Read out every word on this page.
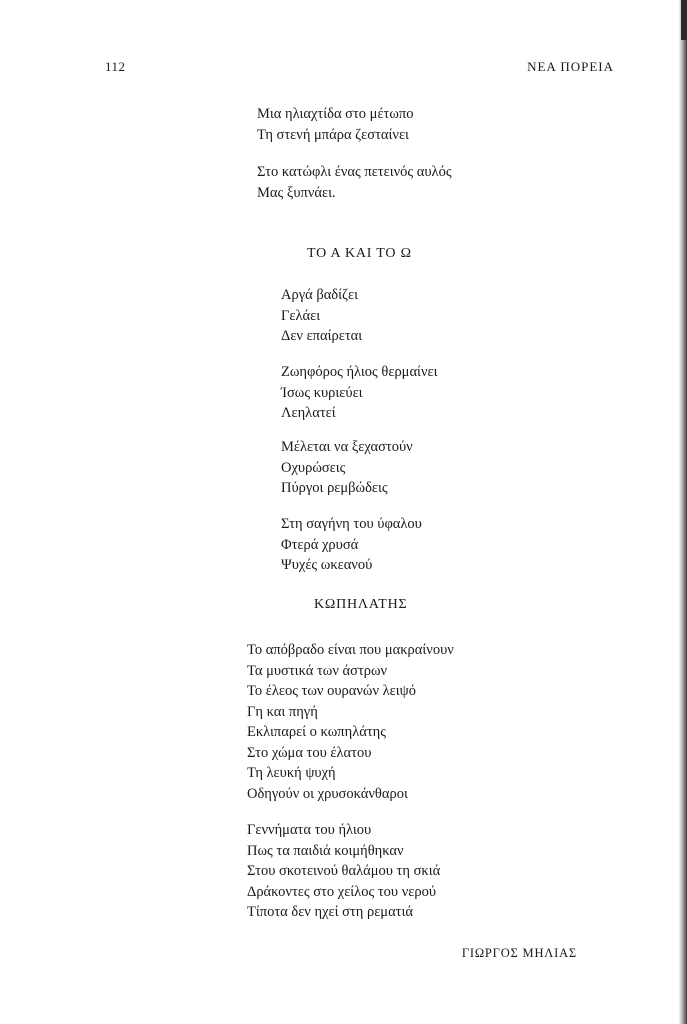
112	ΝΕΑ ΠΟΡΕΙΑ
Μια ηλιαχτίδα στο μέτωπο
Τη στενή μπάρα ζεσταίνει
Στο κατώφλι ένας πετεινός αυλός
Μας ξυπνάει.
ΤΟ Α ΚΑΙ ΤΟ Ω
Αργά βαδίζει
Γελάει
Δεν επαίρεται
Ζωηφόρος ήλιος θερμαίνει
Ίσως κυριεύει
Λεηλατεί
Μέλεται να ξεχαστούν
Οχυρώσεις
Πύργοι ρεμβώδεις
Στη σαγήνη του ύφαλου
Φτερά χρυσά
Ψυχές ωκεανού
ΚΩΠΗΛΑΤΗΣ
Το απόβραδο είναι που μακραίνουν
Τα μυστικά των άστρων
Το έλεος των ουρανών λειψό
Γη και πηγή
Εκλιπαρεί ο κωπηλάτης
Στο χώμα του έλατου
Τη λευκή ψυχή
Οδηγούν οι χρυσοκάνθαροι
Γεννήματα του ήλιου
Πως τα παιδιά κοιμήθηκαν
Στου σκοτεινού θαλάμου τη σκιά
Δράκοντες στο χείλος του νερού
Τίποτα δεν ηχεί στη ρεματιά
ΓΙΩΡΓΟΣ ΜΗΛΙΑΣ
